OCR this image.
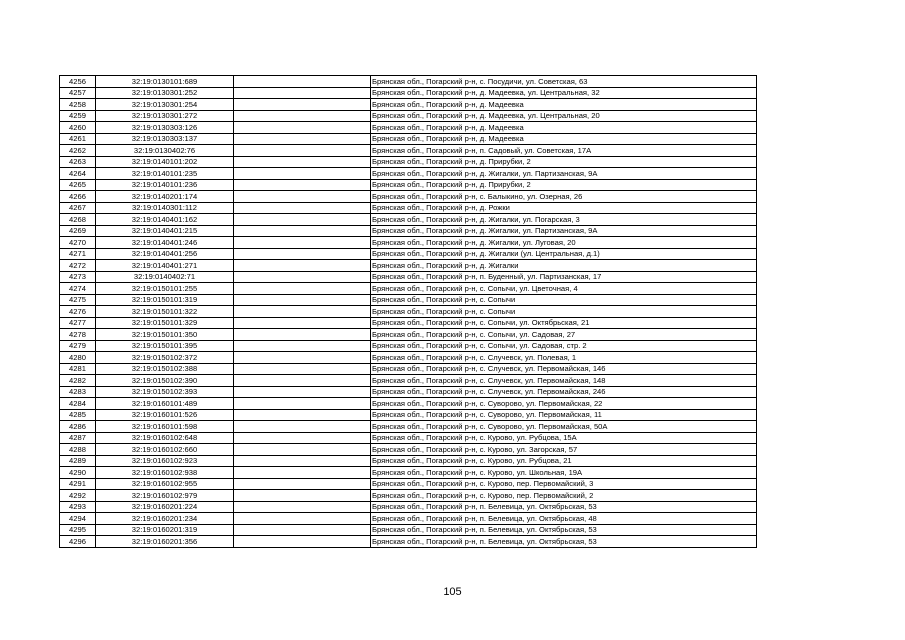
4256	32:19:0130101:689		Брянская обл., Погарский р-н, с. Посудичи, ул. Советская, 63
4257	32:19:0130301:252		Брянская обл., Погарский р-н, д. Мадеевка, ул. Центральная, 32
4258	32:19:0130301:254		Брянская обл., Погарский р-н, д. Мадеевка
4259	32:19:0130301:272		Брянская обл., Погарский р-н, д. Мадеевка, ул. Центральная, 20
4260	32:19:0130303:126		Брянская обл., Погарский р-н, д. Мадеевка
4261	32:19:0130303:137		Брянская обл., Погарский р-н, д. Мадеевка
4262	32:19:0130402:76		Брянская обл., Погарский р-н, п. Садовый, ул. Советская, 17А
4263	32:19:0140101:202		Брянская обл., Погарский р-н, д. Прирубки, 2
4264	32:19:0140101:235		Брянская обл., Погарский р-н, д. Жигалки, ул. Партизанская, 9А
4265	32:19:0140101:236		Брянская обл., Погарский р-н, д. Прирубки, 2
4266	32:19:0140201:174		Брянская обл., Погарский р-н, с. Балыкино, ул. Озерная, 26
4267	32:19:0140301:112		Брянская обл., Погарский р-н, д. Рожки
4268	32:19:0140401:162		Брянская обл., Погарский р-н, д. Жигалки, ул. Погарская, 3
4269	32:19:0140401:215		Брянская обл., Погарский р-н, д. Жигалки, ул. Партизанская, 9А
4270	32:19:0140401:246		Брянская обл., Погарский р-н, д. Жигалки, ул. Луговая, 20
4271	32:19:0140401:256		Брянская обл., Погарский р-н, д. Жигалки (ул. Центральная, д.1)
4272	32:19:0140401:271		Брянская обл., Погарский р-н, д. Жигалки
4273	32:19:0140402:71		Брянская обл., Погарский р-н, п. Буденный, ул. Партизанская, 17
4274	32:19:0150101:255		Брянская обл., Погарский р-н, с. Сопычи, ул. Цветочная, 4
4275	32:19:0150101:319		Брянская обл., Погарский р-н, с. Сопычи
4276	32:19:0150101:322		Брянская обл., Погарский р-н, с. Сопычи
4277	32:19:0150101:329		Брянская обл., Погарский р-н, с. Сопычи, ул. Октябрьская, 21
4278	32:19:0150101:350		Брянская обл., Погарский р-н, с. Сопычи, ул. Садовая, 27
4279	32:19:0150101:395		Брянская обл., Погарский р-н, с. Сопычи, ул. Садовая, стр. 2
4280	32:19:0150102:372		Брянская обл., Погарский р-н, с. Случевск, ул. Полевая, 1
4281	32:19:0150102:388		Брянская обл., Погарский р-н, с. Случевск, ул. Первомайская, 146
4282	32:19:0150102:390		Брянская обл., Погарский р-н, с. Случевск, ул. Первомайская, 148
4283	32:19:0150102:393		Брянская обл., Погарский р-н, с. Случевск, ул. Первомайская, 246
4284	32:19:0160101:489		Брянская обл., Погарский р-н, с. Суворово, ул. Первомайская, 22
4285	32:19:0160101:526		Брянская обл., Погарский р-н, с. Суворово, ул. Первомайская, 11
4286	32:19:0160101:598		Брянская обл., Погарский р-н, с. Суворово, ул. Первомайская, 50А
4287	32:19:0160102:648		Брянская обл., Погарский р-н, с. Курово, ул. Рубцова, 15А
4288	32:19:0160102:660		Брянская обл., Погарский р-н, с. Курово, ул. Загорская, 57
4289	32:19:0160102:923		Брянская обл., Погарский р-н, с. Курово, ул. Рубцова, 21
4290	32:19:0160102:938		Брянская обл., Погарский р-н, с. Курово, ул. Школьная, 19А
4291	32:19:0160102:955		Брянская обл., Погарский р-н, с. Курово, пер. Первомайский, 3
4292	32:19:0160102:979		Брянская обл., Погарский р-н, с. Курово, пер. Первомайский, 2
4293	32:19:0160201:224		Брянская обл., Погарский р-н, п. Белевица, ул. Октябрьская, 53
4294	32:19:0160201:234		Брянская обл., Погарский р-н, п. Белевица, ул. Октябрьская, 48
4295	32:19:0160201:319		Брянская обл., Погарский р-н, п. Белевица, ул. Октябрьская, 53
4296	32:19:0160201:356		Брянская обл., Погарский р-н, п. Белевица, ул. Октябрьская, 53
105
